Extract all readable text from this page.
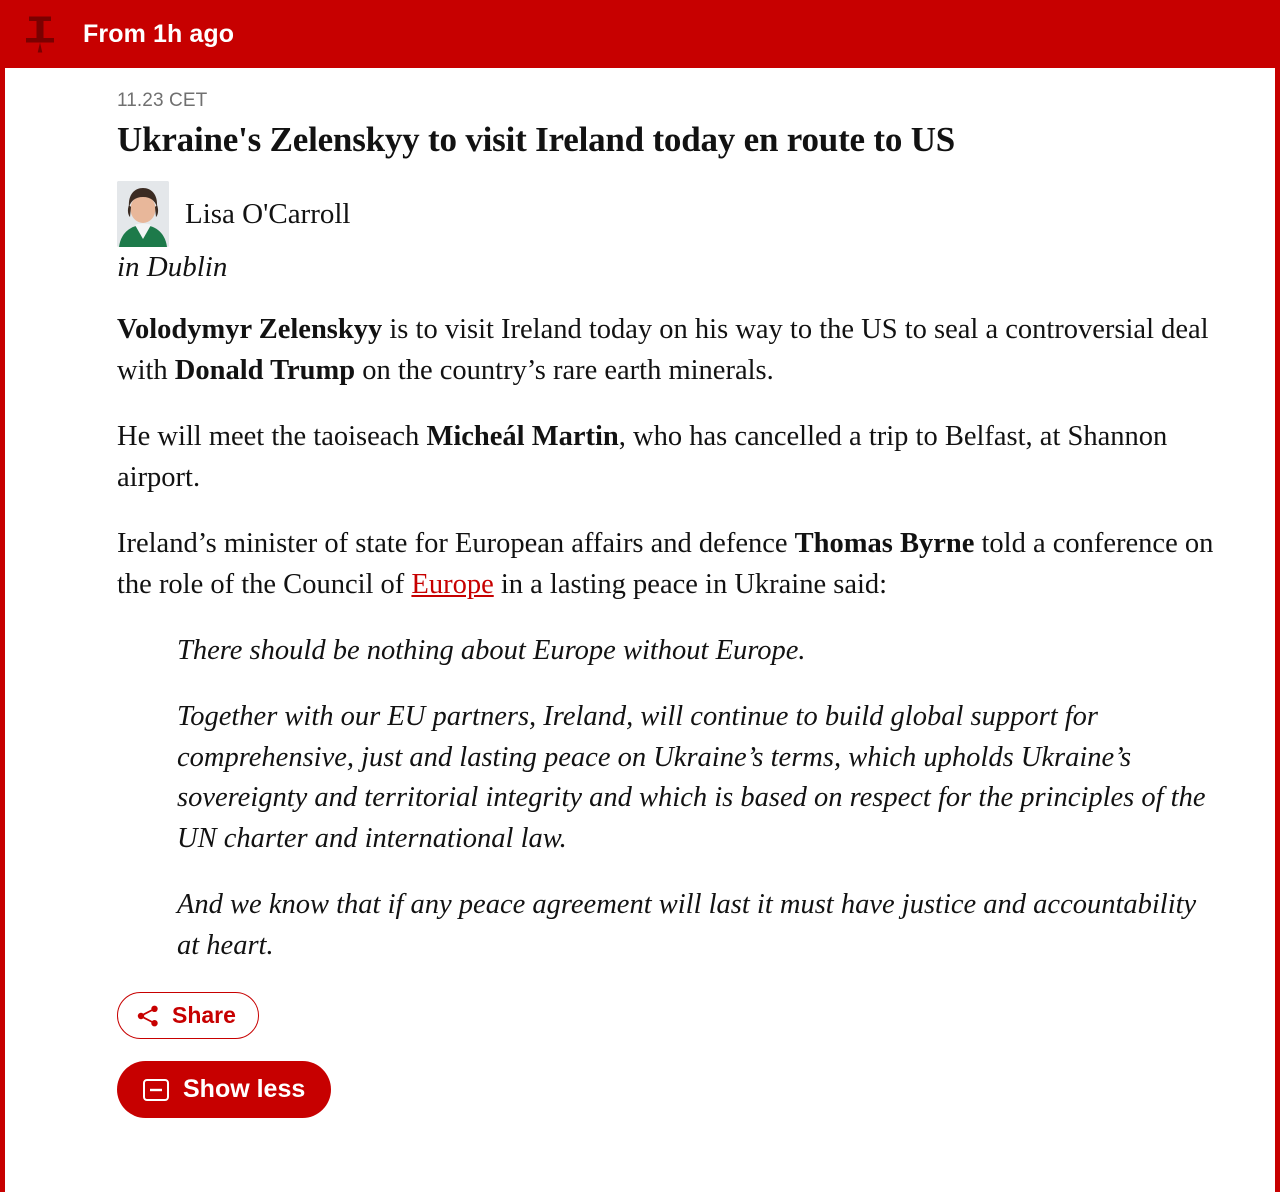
From 1h ago
11.23 CET
Ukraine's Zelenskyy to visit Ireland today en route to US
Lisa O'Carroll
in Dublin

Volodymyr Zelenskyy is to visit Ireland today on his way to the US to seal a controversial deal with Donald Trump on the country’s rare earth minerals.

He will meet the taoiseach Micheál Martin, who has cancelled a trip to Belfast, at Shannon airport.

Ireland’s minister of state for European affairs and defence Thomas Byrne told a conference on the role of the Council of Europe in a lasting peace in Ukraine said:

There should be nothing about Europe without Europe.

Together with our EU partners, Ireland, will continue to build global support for comprehensive, just and lasting peace on Ukraine’s terms, which upholds Ukraine’s sovereignty and territorial integrity and which is based on respect for the principles of the UN charter and international law.

And we know that if any peace agreement will last it must have justice and accountability at heart.

Share
Show less
